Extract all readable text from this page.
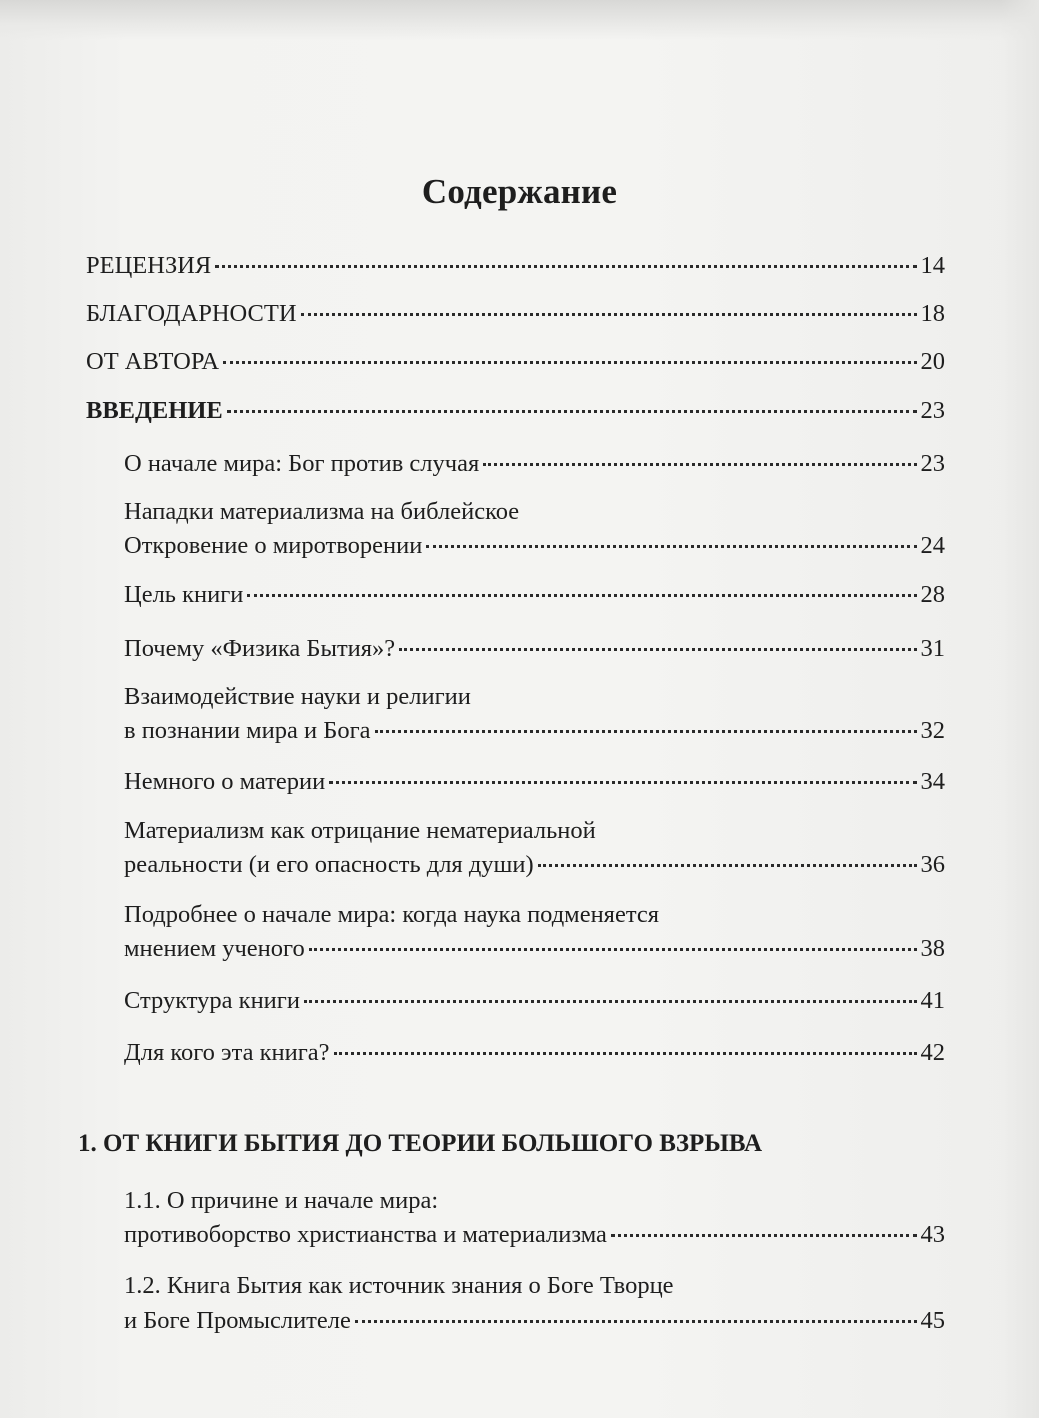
Содержание
РЕЦЕНЗИЯ	14
БЛАГОДАРНОСТИ	18
ОТ АВТОРА	20
ВВЕДЕНИЕ	23
О начале мира: Бог против случая	23
Нападки материализма на библейское
Откровение о миротворении	24
Цель книги	28
Почему «Физика Бытия»?	31
Взаимодействие науки и религии
в познании мира и Бога	32
Немного о материи	34
Материализм как отрицание нематериальной
реальности (и его опасность для души)	36
Подробнее о начале мира: когда наука подменяется
мнением ученого	38
Структура книги	41
Для кого эта книга?	42
1. ОТ КНИГИ БЫТИЯ ДО ТЕОРИИ БОЛЬШОГО ВЗРЫВА
1.1. О причине и начале мира:
противоборство христианства и материализма	43
1.2. Книга Бытия как источник знания о Боге Творце
и Боге Промыслителе	45
